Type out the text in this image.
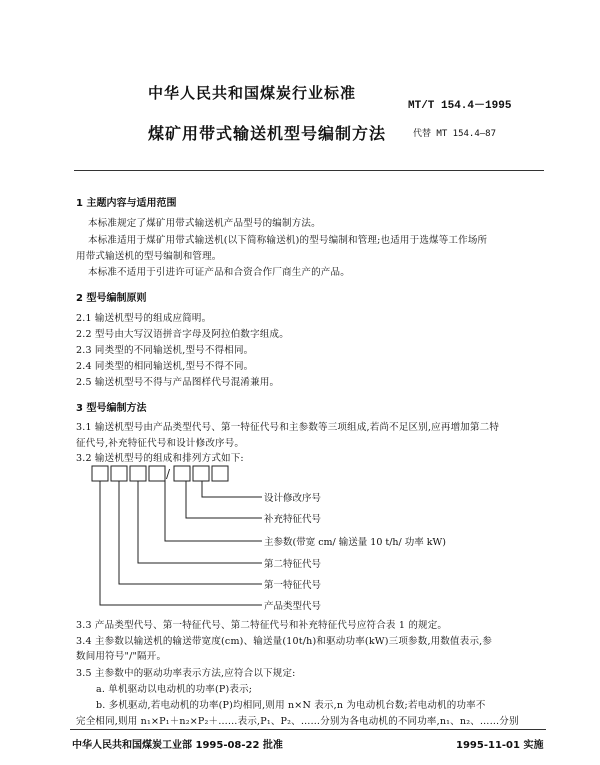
中华人民共和国煤炭行业标准
MT/T 154.4－1995
煤矿用带式输送机型号编制方法	代替 MT 154.4—87
1 主题内容与适用范围
本标准规定了煤矿用带式输送机产品型号的编制方法。
本标准适用于煤矿用带式输送机(以下简称输送机)的型号编制和管理;也适用于选煤等工作场所
用带式输送机的型号编制和管理。
本标准不适用于引进许可证产品和合资合作厂商生产的产品。
2 型号编制原则
2.1 输送机型号的组成应简明。
2.2 型号由大写汉语拼音字母及阿拉伯数字组成。
2.3 同类型的不同输送机,型号不得相同。
2.4 同类型的相同输送机,型号不得不同。
2.5 输送机型号不得与产品图样代号混淆兼用。
3 型号编制方法
3.1 输送机型号由产品类型代号、第一特征代号和主参数等三项组成,若尚不足区别,应再增加第二特
征代号,补充特征代号和设计修改序号。
3.2 输送机型号的组成和排列方式如下:
/
设计修改序号
补充特征代号
主参数(带宽 cm/ 输送量 10 t/h/ 功率 kW)
第二特征代号
第一特征代号
产品类型代号
3.3 产品类型代号、第一特征代号、第二特征代号和补充特征代号应符合表 1 的规定。
3.4 主参数以输送机的输送带宽度(cm)、输送量(10t/h)和驱动功率(kW)三项参数,用数值表示,参
数间用符号"/"隔开。
3.5 主参数中的驱动功率表示方法,应符合以下规定:
a. 单机驱动以电动机的功率(P)表示;
b. 多机驱动,若电动机的功率(P)均相同,则用 n×N 表示,n 为电动机台数;若电动机的功率不
完全相同,则用 n₁×P₁＋n₂×P₂＋……表示,P₁、P₂、……分别为各电动机的不同功率,n₁、n₂、……分别
中华人民共和国煤炭工业部 1995-08-22 批准	1995-11-01 实施
